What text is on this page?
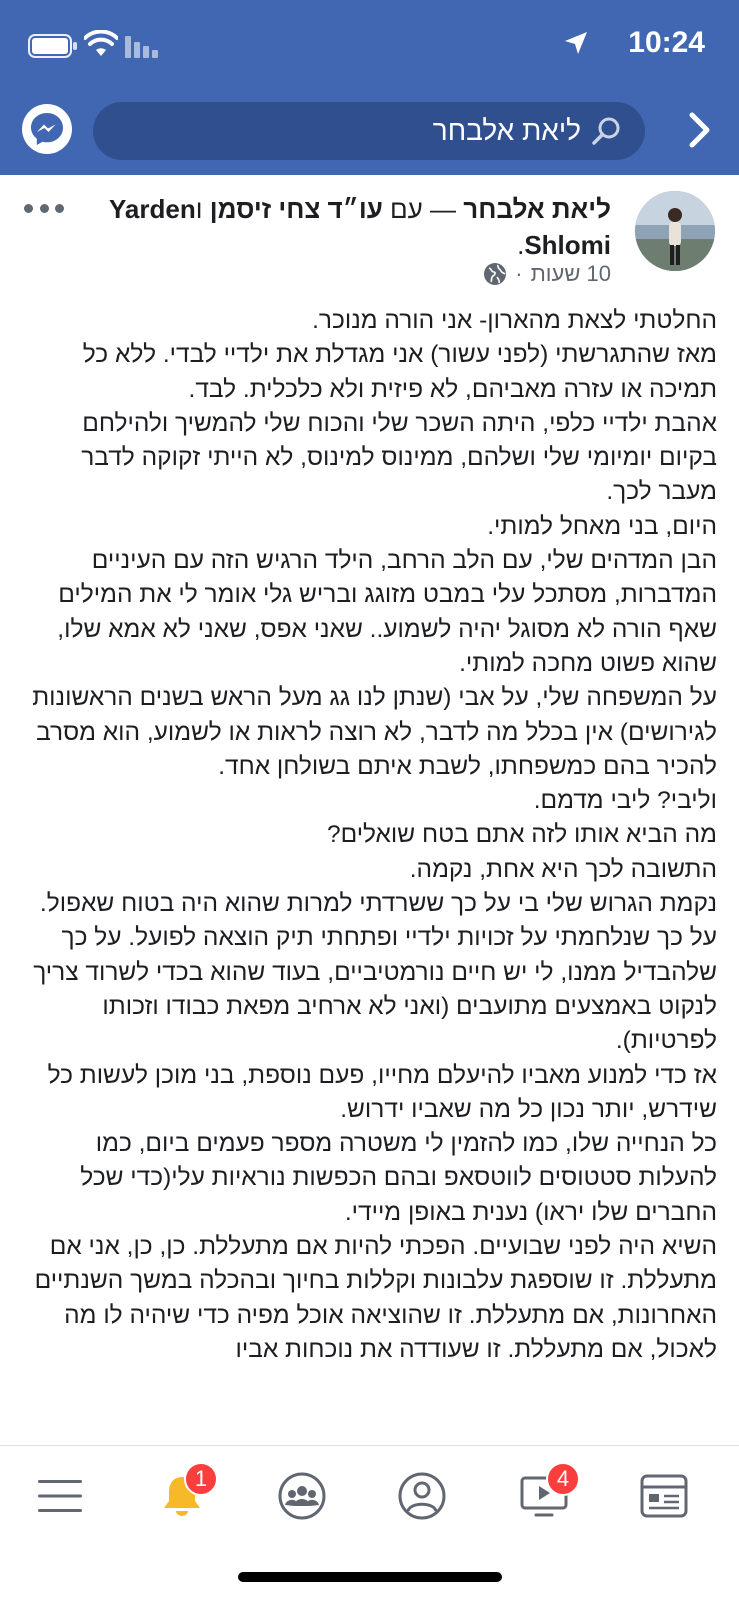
10:24
ליאת אלבחר
ליאת אלבחר — עם עו״ד צחי זיסמן וYarden Shlomi.
10 שעות
·

החלטתי לצאת מהארון- אני הורה מנוכר.

מאז שהתגרשתי (לפני עשור) אני מגדלת את ילדיי לבדי. ללא כל תמיכה או עזרה מאביהם, לא פיזית ולא כלכלית. לבד.

אהבת ילדיי כלפי, היתה השכר שלי והכוח שלי להמשיך ולהילחם בקיום יומיומי שלי ושלהם, ממינוס למינוס, לא הייתי זקוקה לדבר מעבר לכך.

היום, בני מאחל למותי.

הבן המדהים שלי, עם הלב הרחב, הילד הרגיש הזה עם העיניים המדברות, מסתכל עלי במבט מזוגג ובריש גלי אומר לי את המילים שאף הורה לא מסוגל יהיה לשמוע.. שאני אפס, שאני לא אמא שלו, שהוא פשוט מחכה למותי.

על המשפחה שלי, על אבי (שנתן לנו גג מעל הראש בשנים הראשונות לגירושים) אין בכלל מה לדבר, לא רוצה לראות או לשמוע, הוא מסרב להכיר בהם כמשפחתו, לשבת איתם בשולחן אחד.

וליבי? ליבי מדמם.

מה הביא אותו לזה אתם בטח שואלים?

התשובה לכך היא אחת, נקמה.

נקמת הגרוש שלי בי על כך ששרדתי למרות שהוא היה בטוח שאפול. על כך שנלחמתי על זכויות ילדיי ופתחתי תיק הוצאה לפועל. על כך שלהבדיל ממנו, לי יש חיים נורמטיביים, בעוד שהוא בכדי לשרוד צריך לנקוט באמצעים מתועבים (ואני לא ארחיב מפאת כבודו וזכותו לפרטיות).

אז כדי למנוע מאביו להיעלם מחייו, פעם נוספת, בני מוכן לעשות כל שידרש, יותר נכון כל מה שאביו ידרוש.

כל הנחייה שלו, כמו להזמין לי משטרה מספר פעמים ביום, כמו להעלות סטטוסים לווטסאפ ובהם הכפשות נוראיות עלי(כדי שכל החברים שלו יראו) נענית באופן מיידי.

השיא היה לפני שבועיים. הפכתי להיות אם מתעללת. כן, כן, אני אם מתעללת. זו שוספגת עלבונות וקללות בחיוך ובהכלה במשך השנתיים האחרונות, אם מתעללת. זו שהוציאה אוכל מפיה כדי שיהיה לו מה לאכול, אם מתעללת. זו שעודדה את נוכחות אביו

1	4
